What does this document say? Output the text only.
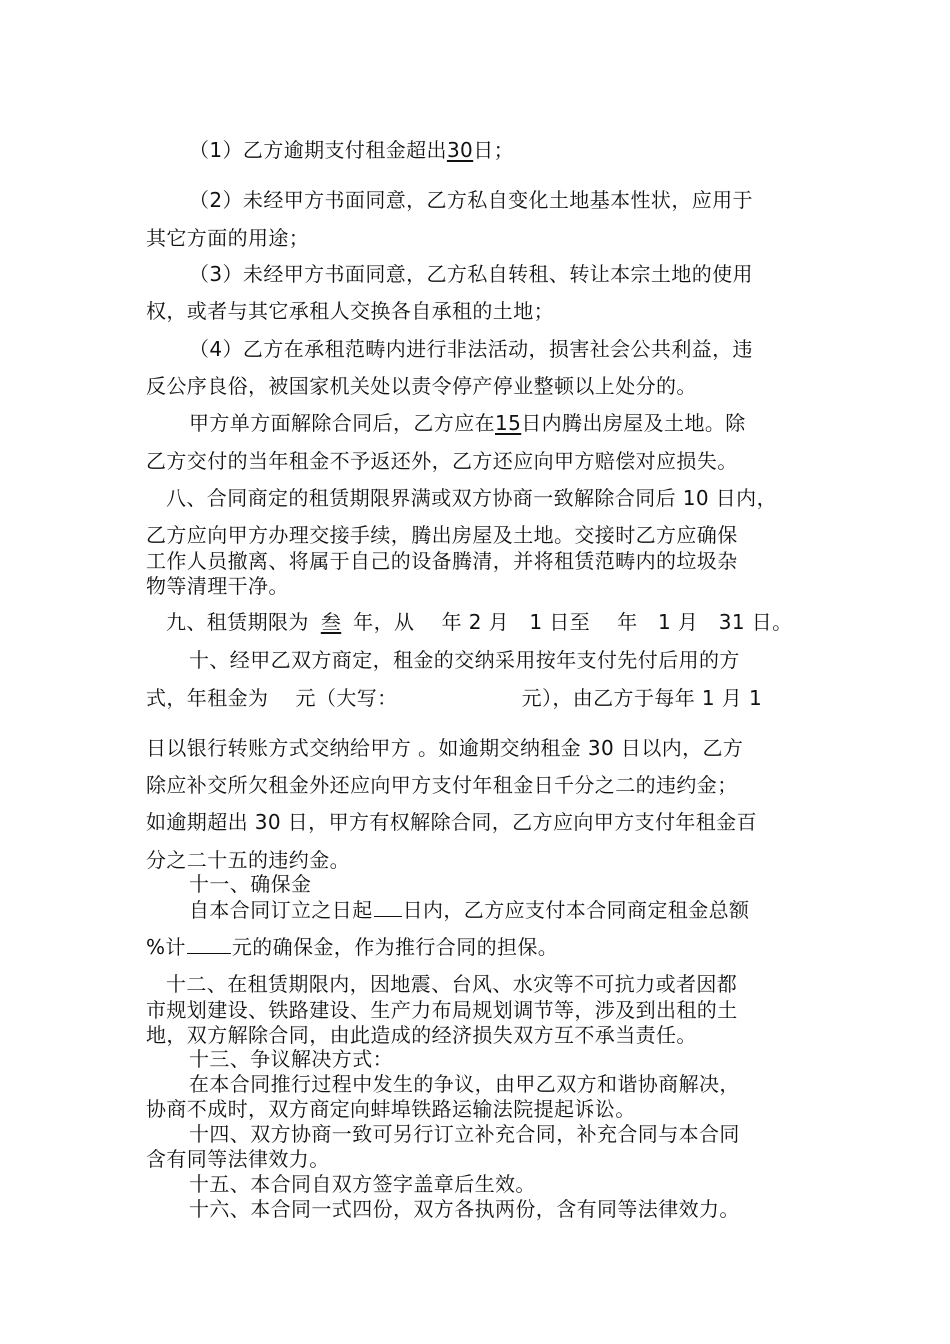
（1）乙方逾期支付租金超出30日；
（2）未经甲方书面同意，乙方私自变化土地基本性状，应用于
其它方面的用途；
（3）未经甲方书面同意，乙方私自转租、转让本宗土地的使用
权，或者与其它承租人交换各自承租的土地；
（4）乙方在承租范畴内进行非法活动，损害社会公共利益，违
反公序良俗，被国家机关处以责令停产停业整顿以上处分的。
甲方单方面解除合同后，乙方应在15日内腾出房屋及土地。除
乙方交付的当年租金不予返还外，乙方还应向甲方赔偿对应损失。
八、合同商定的租赁期限界满或双方协商一致解除合同后 10 日内，
乙方应向甲方办理交接手续，腾出房屋及土地。交接时乙方应确保
工作人员撤离、将属于自己的设备腾清，并将租赁范畴内的垃圾杂
物等清理干净。
九、租赁期限为 叁 年，从　 年 2 月　1 日至　 年　1 月　31 日。
十、经甲乙双方商定，租金的交纳采用按年支付先付后用的方
式，年租金为　 元（大写：	元），由乙方于每年 1 月 1
日以银行转账方式交纳给甲方 。如逾期交纳租金 30 日以内，乙方
除应补交所欠租金外还应向甲方支付年租金日千分之二的违约金；
如逾期超出 30 日，甲方有权解除合同，乙方应向甲方支付年租金百
分之二十五的违约金。
十一、确保金
自本合同订立之日起 日内，乙方应支付本合同商定租金总额
%计 元的确保金，作为推行合同的担保。
十二、在租赁期限内，因地震、台风、水灾等不可抗力或者因都
市规划建设、铁路建设、生产力布局规划调节等，涉及到出租的土
地，双方解除合同，由此造成的经济损失双方互不承当责任。
十三、争议解决方式：
在本合同推行过程中发生的争议，由甲乙双方和谐协商解决，
协商不成时，双方商定向蚌埠铁路运输法院提起诉讼。
十四、双方协商一致可另行订立补充合同，补充合同与本合同
含有同等法律效力。
十五、本合同自双方签字盖章后生效。
十六、本合同一式四份，双方各执两份，含有同等法律效力。
